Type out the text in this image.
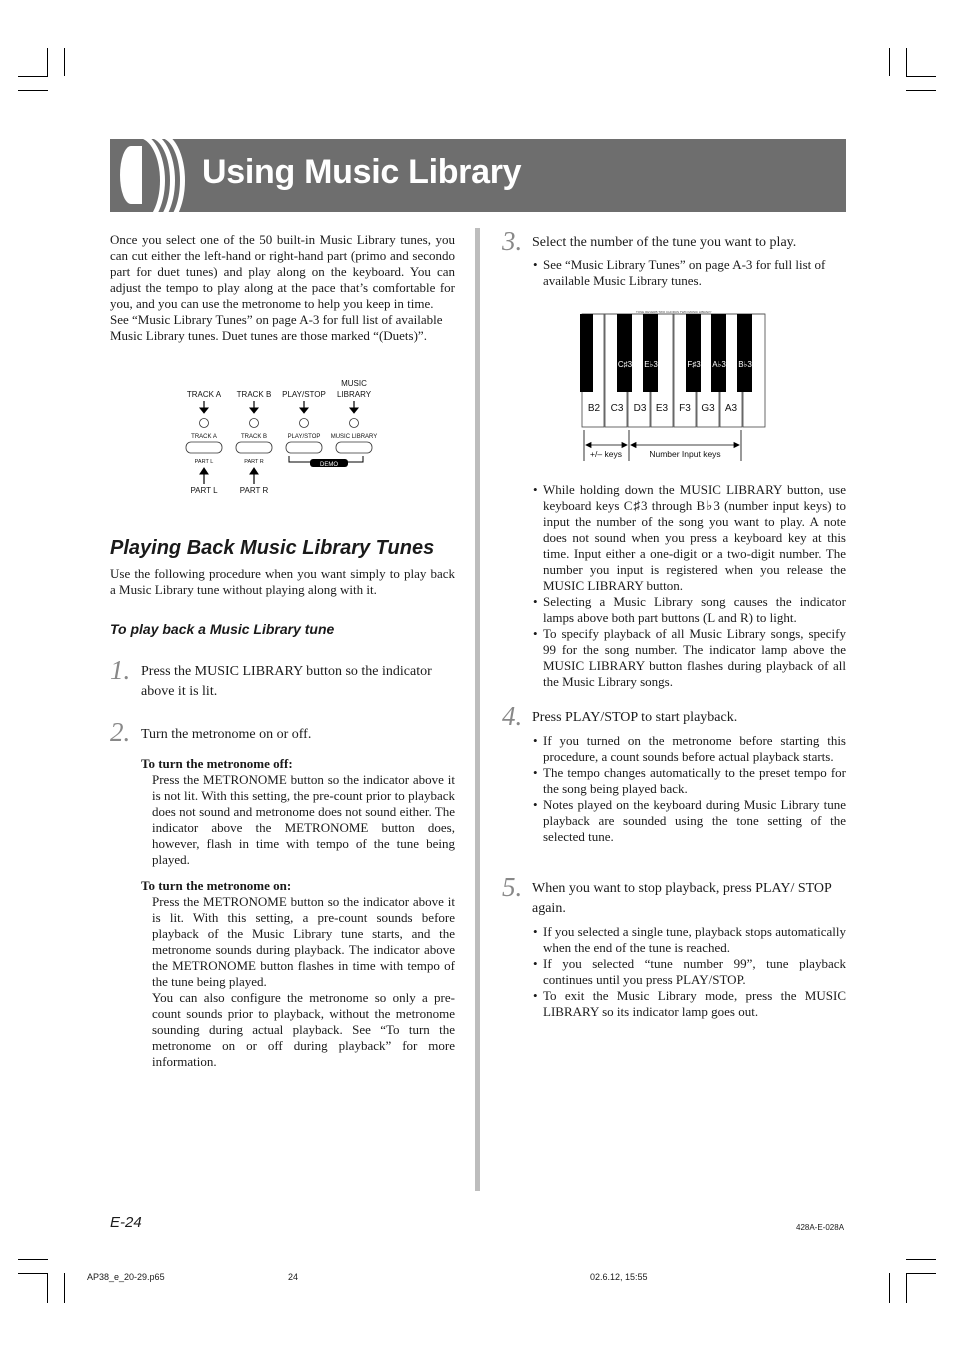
Using Music Library

Once you select one of the 50 built-in Music Library tunes, you can cut either the left-hand or right-hand part (primo and secondo part for duet tunes) and play along on the keyboard. You can adjust the tempo to play along at the pace that’s comfortable for you, and you can use the metronome to help you keep in time.

See “Music Library Tunes” on page A-3 for full list of available Music Library tunes. Duet tunes are those marked “(Duets)”.

TRACK A TRACK B PLAY/STOP
MUSIC
LIBRARY
TRACK A	TRACK B	PLAY/STOP MUSIC LIBRARY
DEMO
PART L	PART R
PART L	PART R
Playing Back Music Library Tunes
Use the following procedure when you want simply to play back a Music Library tune without playing along with it.
To play back a Music Library tune
1. Press the MUSIC LIBRARY button so the indicator above it is lit.
2. Turn the metronome on or off.

To turn the metronome off:

Press the METRONOME button so the indicator above it is not lit. With this setting, the pre-count prior to playback does not sound and metronome does not sound either. The indicator above the METRONOME button does, however, flash in time with tempo of the tune being played.

To turn the metronome on:

Press the METRONOME button so the indicator above it is lit. With this setting, a pre-count sounds before playback of the Music Library tune starts, and the metronome sounds during playback. The indicator above the METRONOME button flashes in time with tempo of the tune being played.

You can also configure the metronome so only a pre-count sounds prior to playback, without the metronome sounding during actual playback. See “To turn the metronome on or off during playback” for more information.

3. Select the number of the tune you want to play.
• See “Music Library Tunes” on page A-3 for full list of available Music Library tunes.
TONE REVERB TWO CHORUS TWIN MUSIC LIBRARY
C♯3 E♭3	F♯3 A♭3 B♭3
B2 C3 D3 E3 F3 G3 A3
+/– keys	Number Input keys
• While holding down the MUSIC LIBRARY button, use keyboard keys C♯3 through B♭3 (number input keys) to input the number of the song you want to play. A note does not sound when you press a keyboard key at this time. Input either a one-digit or a two-digit number. The number you input is registered when you release the MUSIC LIBRARY button.
• Selecting a Music Library song causes the indicator lamps above both part buttons (L and R) to light.
• To specify playback of all Music Library songs, specify 99 for the song number. The indicator lamp above the MUSIC LIBRARY button flashes during playback of all the Music Library songs.
4. Press PLAY/STOP to start playback.
• If you turned on the metronome before starting this procedure, a count sounds before actual playback starts.
• The tempo changes automatically to the preset tempo for the song being played back.
• Notes played on the keyboard during Music Library tune playback are sounded using the tone setting of the selected tune.
5. When you want to stop playback, press PLAY/ STOP again.
• If you selected a single tune, playback stops automatically when the end of the tune is reached.
• If you selected “tune number 99”, tune playback continues until you press PLAY/STOP.
• To exit the Music Library mode, press the MUSIC LIBRARY so its indicator lamp goes out.
E-24	428A-E-028A
AP38_e_20-29.p65	24	02.6.12, 15:55
